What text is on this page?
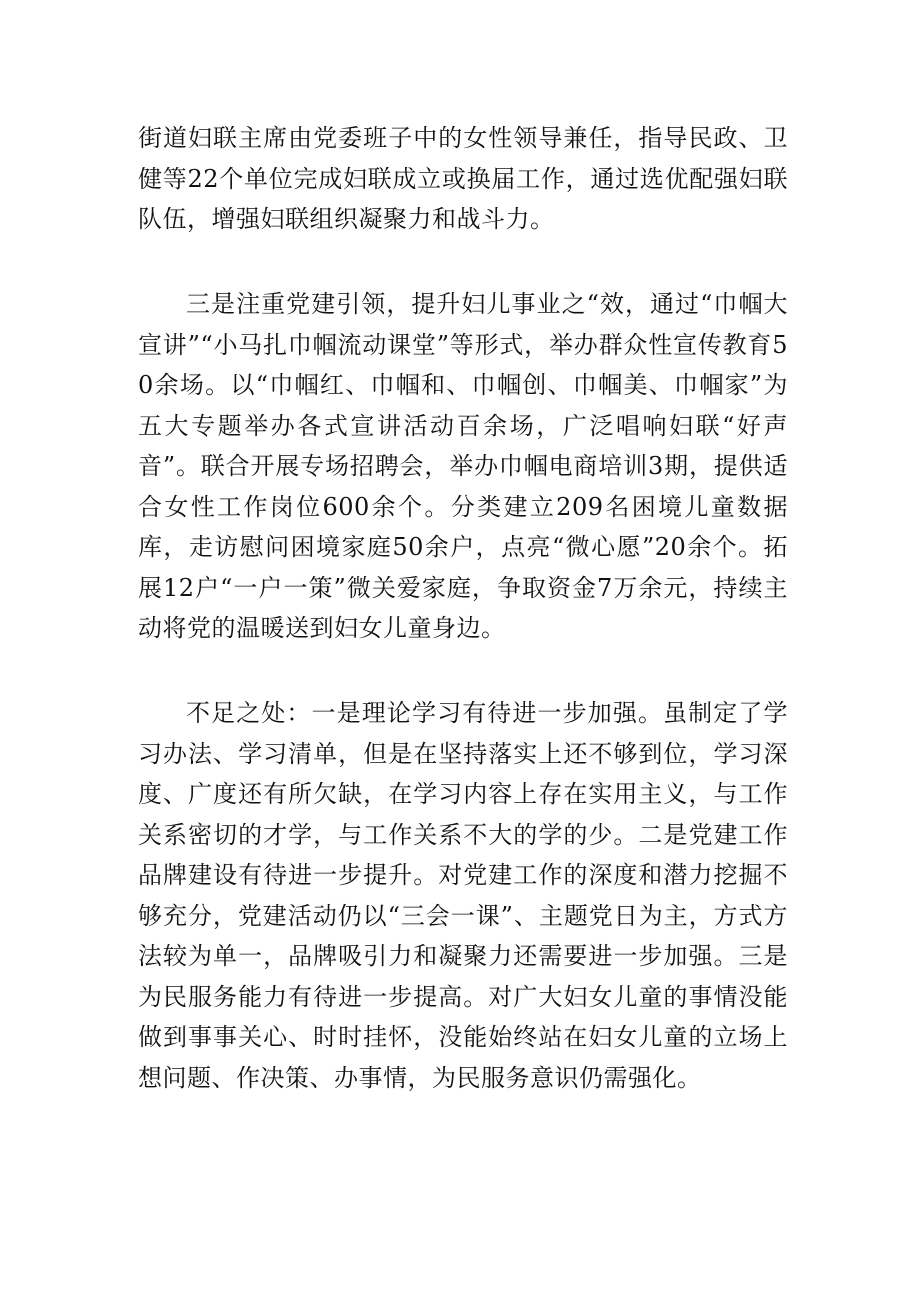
街道妇联主席由党委班子中的女性领导兼任，指导民政、卫健等22个单位完成妇联成立或换届工作，通过选优配强妇联队伍，增强妇联组织凝聚力和战斗力。

三是注重党建引领，提升妇儿事业之“效，通过“巾帼大宣讲”“小马扎巾帼流动课堂”等形式，举办群众性宣传教育50余场。以“巾帼红、巾帼和、巾帼创、巾帼美、巾帼家”为五大专题举办各式宣讲活动百余场，广泛唱响妇联“好声音”。联合开展专场招聘会，举办巾帼电商培训3期，提供适合女性工作岗位600余个。分类建立209名困境儿童数据库，走访慰问困境家庭50余户，点亮“微心愿”20余个。拓展12户“一户一策”微关爱家庭，争取资金7万余元，持续主动将党的温暖送到妇女儿童身边。

不足之处：一是理论学习有待进一步加强。虽制定了学习办法、学习清单，但是在坚持落实上还不够到位，学习深度、广度还有所欠缺，在学习内容上存在实用主义，与工作关系密切的才学，与工作关系不大的学的少。二是党建工作品牌建设有待进一步提升。对党建工作的深度和潜力挖掘不够充分，党建活动仍以“三会一课”、主题党日为主，方式方法较为单一，品牌吸引力和凝聚力还需要进一步加强。三是为民服务能力有待进一步提高。对广大妇女儿童的事情没能做到事事关心、时时挂怀，没能始终站在妇女儿童的立场上想问题、作决策、办事情，为民服务意识仍需强化。
